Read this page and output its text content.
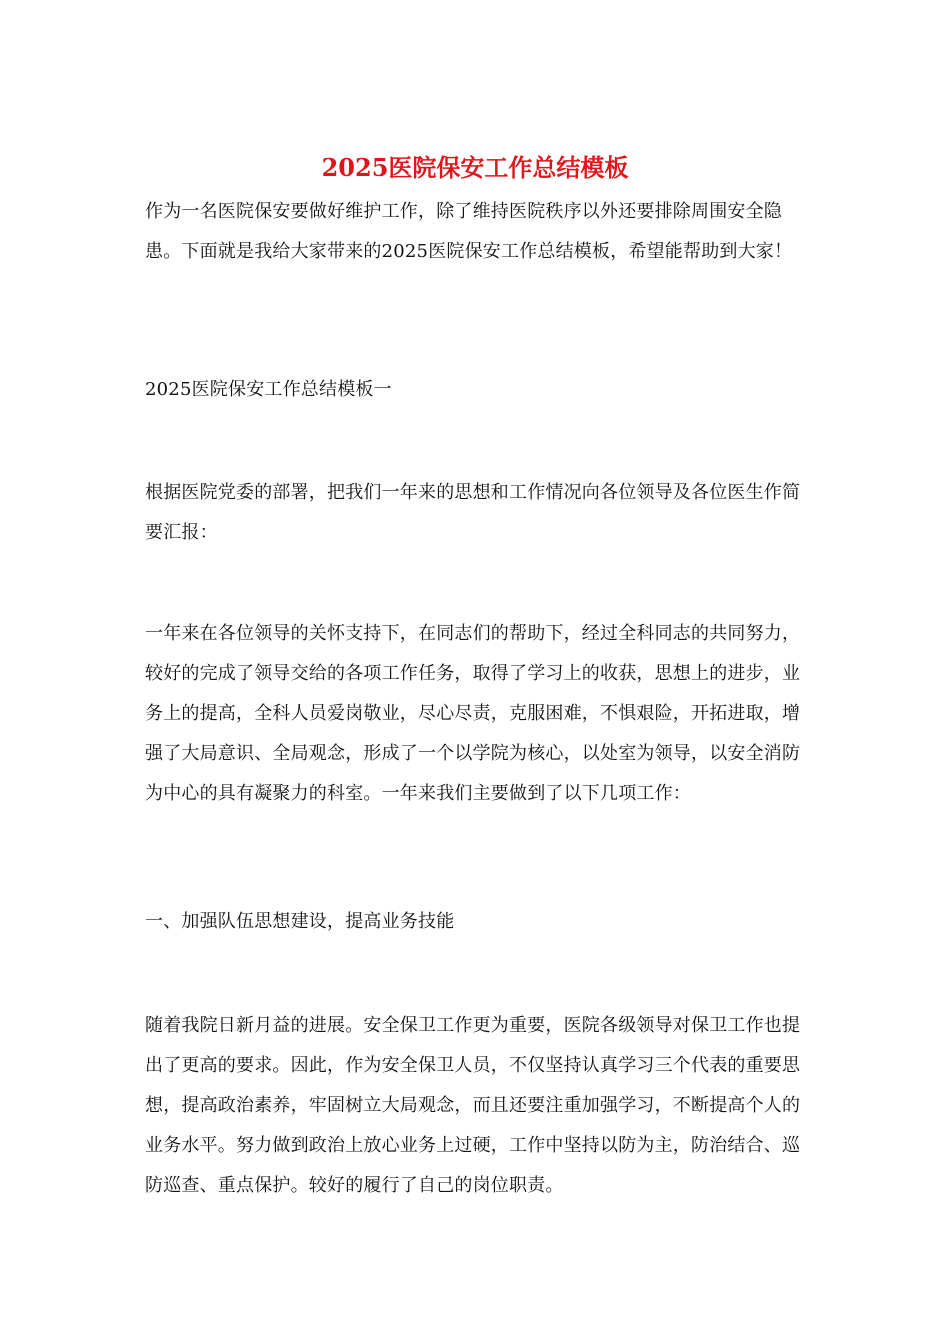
2025医院保安工作总结模板

作为一名医院保安要做好维护工作，除了维持医院秩序以外还要排除周围安全隐患。下面就是我给大家带来的2025医院保安工作总结模板，希望能帮助到大家！

2025医院保安工作总结模板一

根据医院党委的部署，把我们一年来的思想和工作情况向各位领导及各位医生作简要汇报：

一年来在各位领导的关怀支持下，在同志们的帮助下，经过全科同志的共同努力，较好的完成了领导交给的各项工作任务，取得了学习上的收获，思想上的进步，业务上的提高，全科人员爱岗敬业，尽心尽责，克服困难，不惧艰险，开拓进取，增强了大局意识、全局观念，形成了一个以学院为核心，以处室为领导，以安全消防为中心的具有凝聚力的科室。一年来我们主要做到了以下几项工作：

一、加强队伍思想建设，提高业务技能

随着我院日新月益的进展。安全保卫工作更为重要，医院各级领导对保卫工作也提出了更高的要求。因此，作为安全保卫人员，不仅坚持认真学习三个代表的重要思想，提高政治素养，牢固树立大局观念，而且还要注重加强学习，不断提高个人的业务水平。努力做到政治上放心业务上过硬，工作中坚持以防为主，防治结合、巡防巡查、重点保护。较好的履行了自己的岗位职责。
